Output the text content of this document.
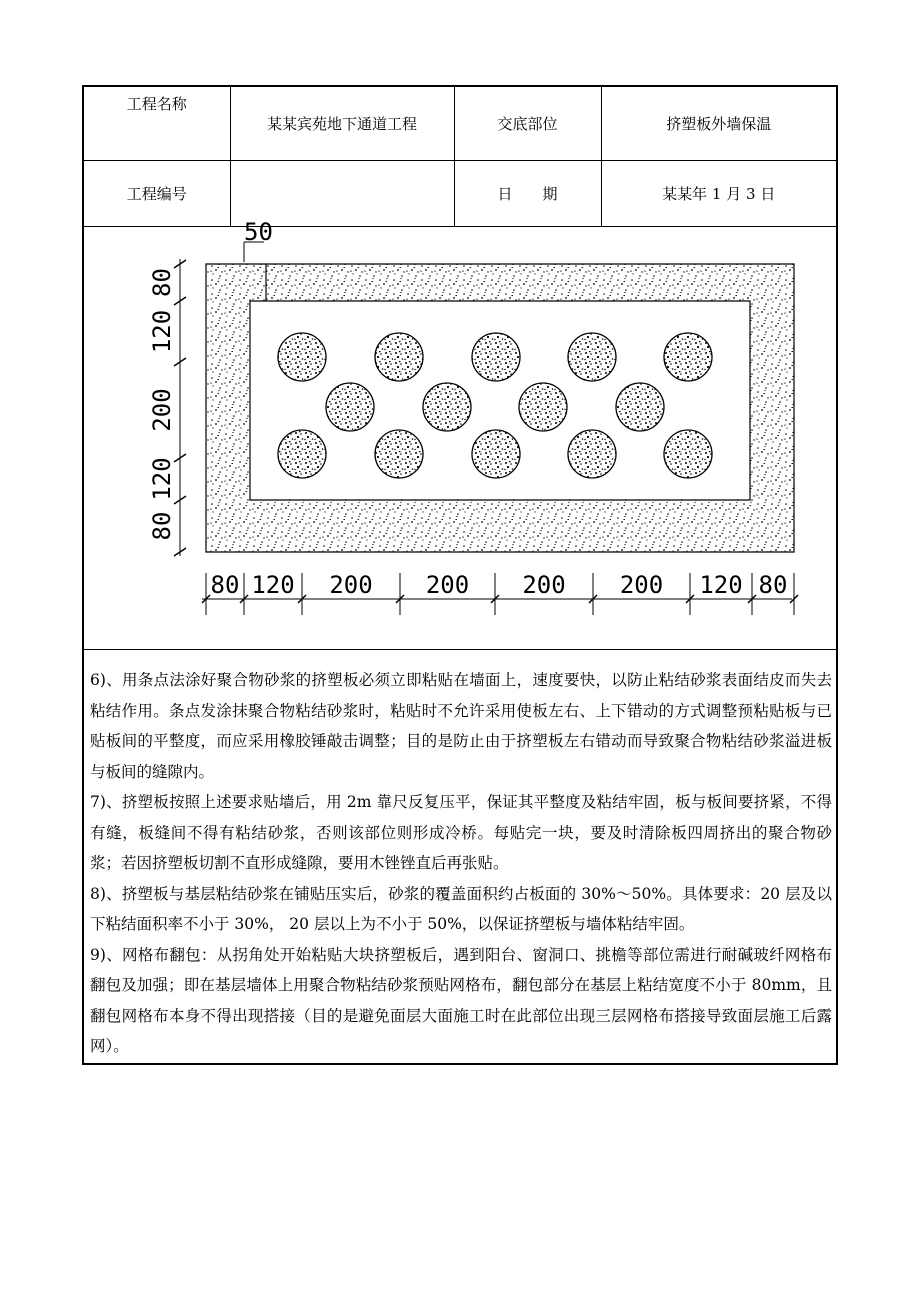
工程名称	某某宾苑地下通道工程	交底部位	挤塑板外墙保温
工程编号		日　　期	某某年 1 月 3 日
50
80
120
200
120
80
80 120 200 200 200 200 120 80

6)、用条点法涂好聚合物砂浆的挤塑板必须立即粘贴在墙面上，速度要快，以防止粘结砂浆表面结皮而失去粘结作用。条点发涂抹聚合物粘结砂浆时，粘贴时不允许采用使板左右、上下错动的方式调整预粘贴板与已贴板间的平整度，而应采用橡胶锤敲击调整；目的是防止由于挤塑板左右错动而导致聚合物粘结砂浆溢进板与板间的缝隙内。

7)、挤塑板按照上述要求贴墙后，用 2m 靠尺反复压平，保证其平整度及粘结牢固，板与板间要挤紧，不得有缝，板缝间不得有粘结砂浆，否则该部位则形成冷桥。每贴完一块，要及时清除板四周挤出的聚合物砂浆；若因挤塑板切割不直形成缝隙，要用木锉锉直后再张贴。

8)、挤塑板与基层粘结砂浆在铺贴压实后，砂浆的覆盖面积约占板面的 30%～50%。具体要求：20 层及以下粘结面积率不小于 30%， 20 层以上为不小于 50%，以保证挤塑板与墙体粘结牢固。

9)、网格布翻包：从拐角处开始粘贴大块挤塑板后，遇到阳台、窗洞口、挑檐等部位需进行耐碱玻纤网格布翻包及加强；即在基层墙体上用聚合物粘结砂浆预贴网格布，翻包部分在基层上粘结宽度不小于 80mm，且翻包网格布本身不得出现搭接（目的是避免面层大面施工时在此部位出现三层网格布搭接导致面层施工后露网）。
